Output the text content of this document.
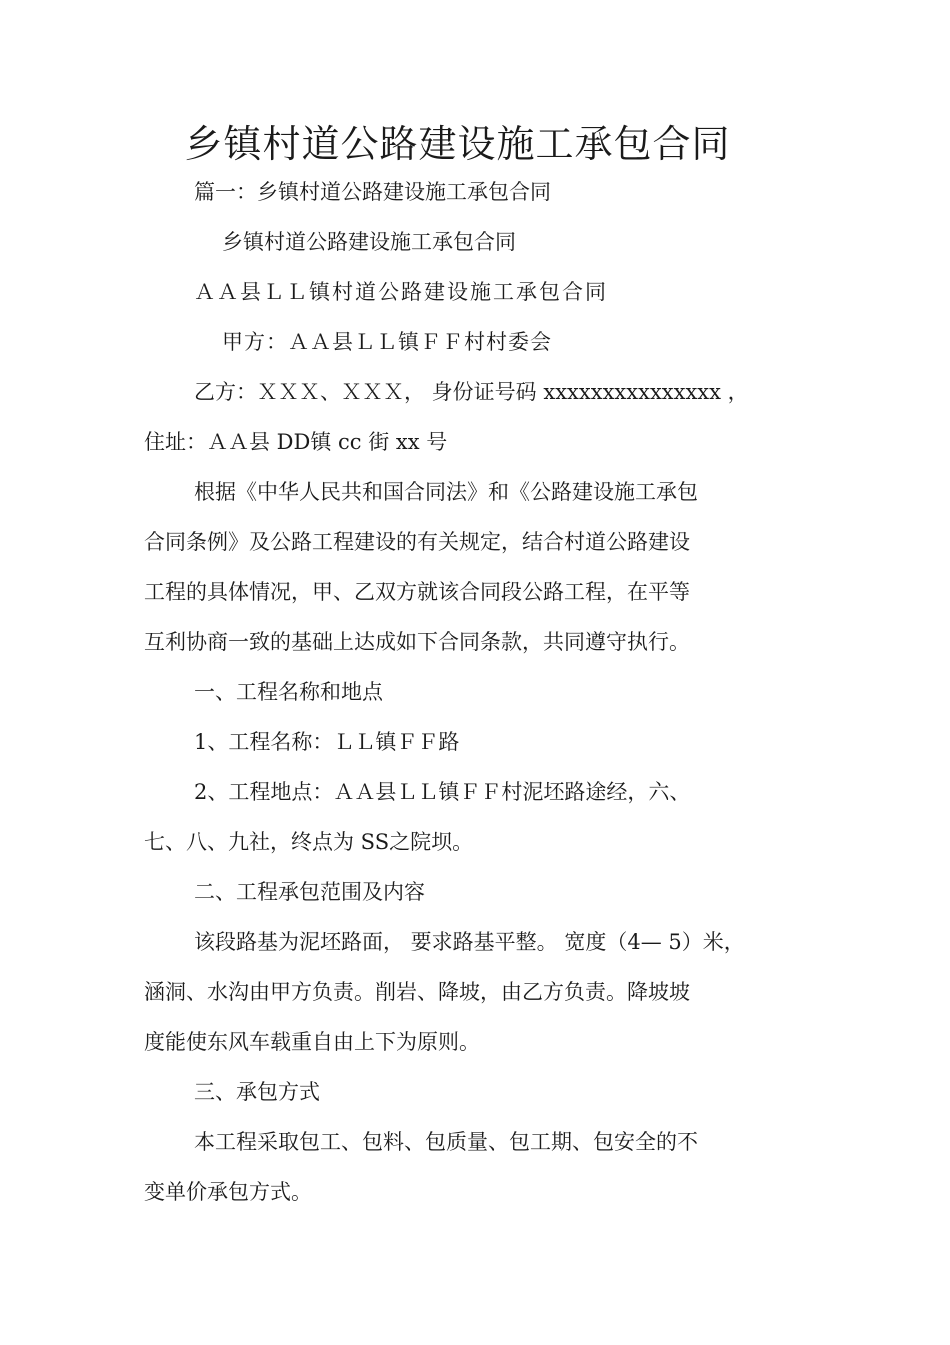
乡镇村道公路建设施工承包合同

篇一：乡镇村道公路建设施工承包合同

乡镇村道公路建设施工承包合同

ＡＡ县ＬＬ镇村道公路建设施工承包合同

甲方：ＡＡ县ＬＬ镇ＦＦ村村委会

乙方：ＸＸＸ、ＸＸＸ， 身份证号码 xxxxxxxxxxxxxxx ，

住址：ＡＡ县 DD镇 cc 街 xx 号

根据《中华人民共和国合同法》和《公路建设施工承包

合同条例》及公路工程建设的有关规定，结合村道公路建设

工程的具体情况，甲、乙双方就该合同段公路工程，在平等

互利协商一致的基础上达成如下合同条款，共同遵守执行。

一、工程名称和地点

1、工程名称：ＬＬ镇ＦＦ路

2、工程地点：ＡＡ县ＬＬ镇ＦＦ村泥坯路途经，六、

七、八、九社，终点为 SS之院坝。

二、工程承包范围及内容

该段路基为泥坯路面， 要求路基平整。 宽度（4— 5）米，

涵洞、水沟由甲方负责。削岩、降坡，由乙方负责。降坡坡

度能使东风车载重自由上下为原则。

三、承包方式

本工程采取包工、包料、包质量、包工期、包安全的不

变单价承包方式。
